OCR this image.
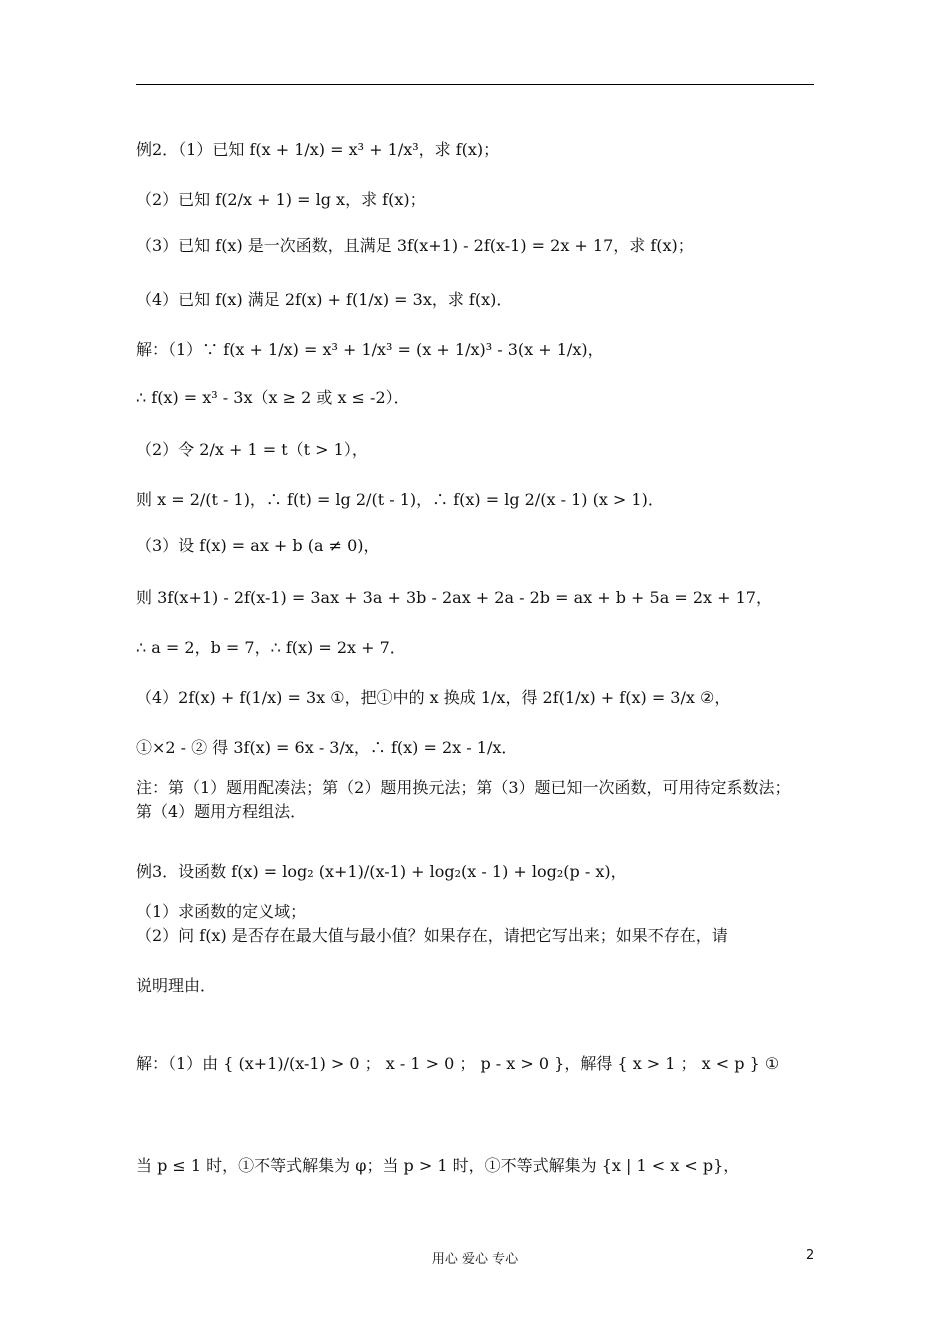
例2．（1）已知 f(x + 1/x) = x³ + 1/x³，求 f(x)；
（2）已知 f(2/x + 1) = lg x，求 f(x)；
（3）已知 f(x) 是一次函数，且满足 3f(x+1) - 2f(x-1) = 2x + 17，求 f(x)；
（4）已知 f(x) 满足 2f(x) + f(1/x) = 3x，求 f(x)．
解：（1）∵ f(x + 1/x) = x³ + 1/x³ = (x + 1/x)³ - 3(x + 1/x)，
∴ f(x) = x³ - 3x（x ≥ 2 或 x ≤ -2）．
（2）令 2/x + 1 = t（t > 1），
则 x = 2/(t - 1)，∴ f(t) = lg 2/(t - 1)，∴ f(x) = lg 2/(x - 1) (x > 1)．
（3）设 f(x) = ax + b (a ≠ 0)，
则 3f(x+1) - 2f(x-1) = 3ax + 3a + 3b - 2ax + 2a - 2b = ax + b + 5a = 2x + 17，
∴ a = 2，b = 7，∴ f(x) = 2x + 7．
（4）2f(x) + f(1/x) = 3x ①，把①中的 x 换成 1/x，得 2f(1/x) + f(x) = 3/x ②，
①×2 - ② 得 3f(x) = 6x - 3/x，∴ f(x) = 2x - 1/x．
注：第（1）题用配凑法；第（2）题用换元法；第（3）题已知一次函数，可用待定系数法；
第（4）题用方程组法．
例3．设函数 f(x) = log₂ (x+1)/(x-1) + log₂(x - 1) + log₂(p - x)，
（1）求函数的定义域；
（2）问 f(x) 是否存在最大值与最小值？如果存在，请把它写出来；如果不存在，请
说明理由．
解：（1）由 { (x+1)/(x-1) > 0 ； x - 1 > 0 ； p - x > 0 }，解得 { x > 1 ； x < p } ①
当 p ≤ 1 时，①不等式解集为 φ；当 p > 1 时，①不等式解集为 {x | 1 < x < p}，
用心 爱心 专心	2
